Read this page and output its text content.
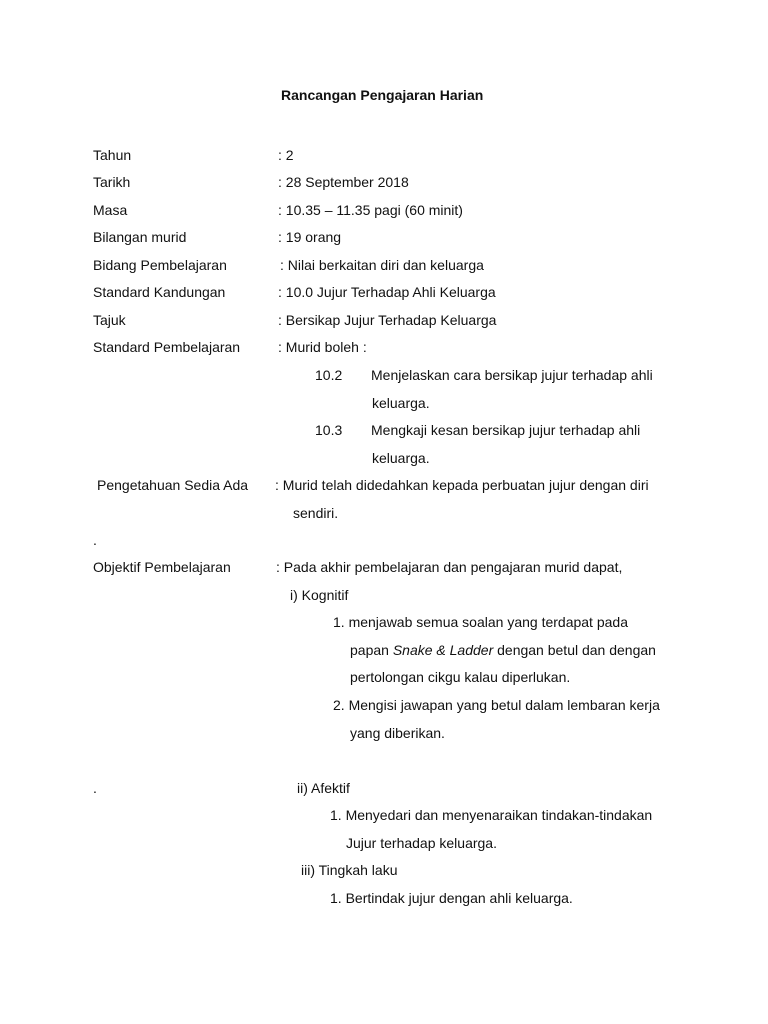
Rancangan Pengajaran Harian
Tahun	: 2
Tarikh	: 28 September 2018
Masa	: 10.35 – 11.35 pagi (60 minit)
Bilangan murid	: 19 orang
Bidang Pembelajaran	: Nilai berkaitan diri dan keluarga
Standard Kandungan	: 10.0 Jujur Terhadap Ahli Keluarga
Tajuk	: Bersikap Jujur Terhadap Keluarga
Standard Pembelajaran	: Murid boleh :
10.2 Menjelaskan cara bersikap jujur terhadap ahli
keluarga.
10.3 Mengkaji kesan bersikap jujur terhadap ahli
keluarga.
Pengetahuan Sedia Ada : Murid telah didedahkan kepada perbuatan jujur dengan diri
sendiri.
.
Objektif Pembelajaran	: Pada akhir pembelajaran dan pengajaran murid dapat,
i) Kognitif
1. menjawab semua soalan yang terdapat pada
papan Snake & Ladder dengan betul dan dengan
pertolongan cikgu kalau diperlukan.
2. Mengisi jawapan yang betul dalam lembaran kerja
yang diberikan.
.	ii) Afektif
1. Menyedari dan menyenaraikan tindakan-tindakan
Jujur terhadap keluarga.
iii) Tingkah laku
1. Bertindak jujur dengan ahli keluarga.
